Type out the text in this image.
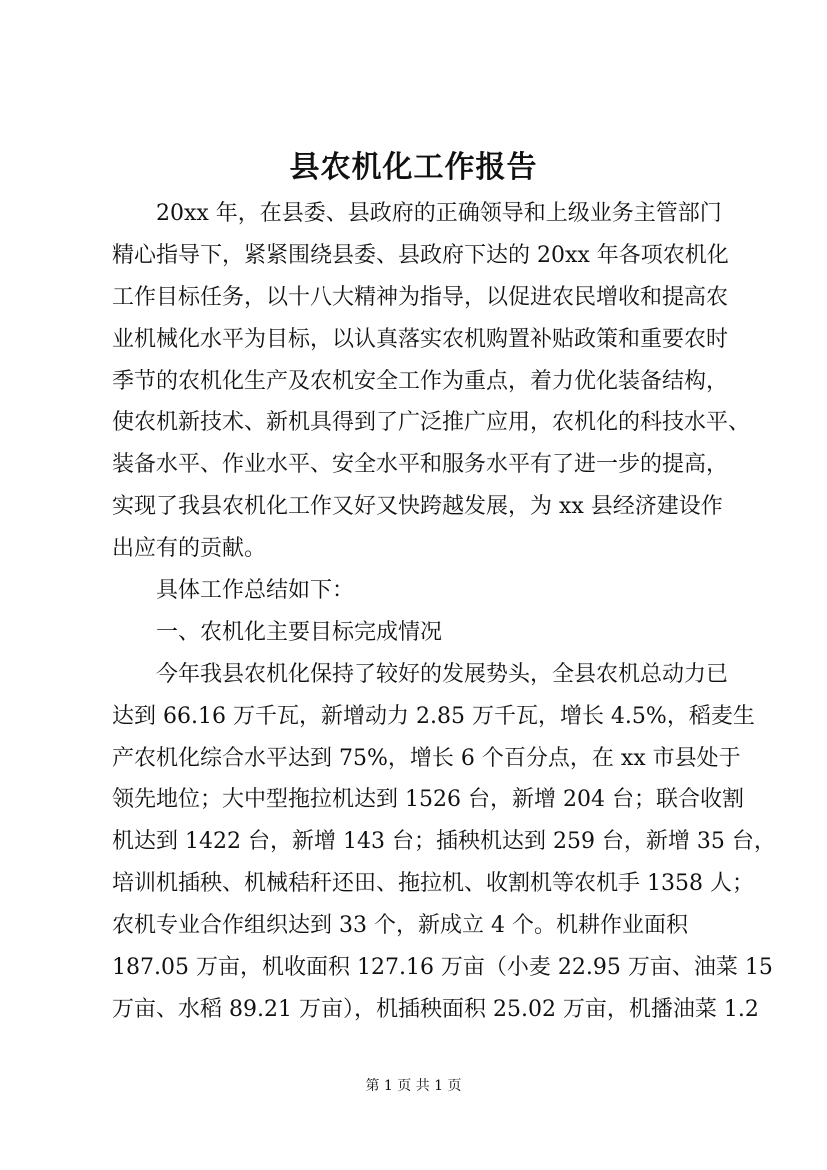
县农机化工作报告

20xx 年，在县委、县政府的正确领导和上级业务主管部门

精心指导下，紧紧围绕县委、县政府下达的 20xx 年各项农机化

工作目标任务，以十八大精神为指导，以促进农民增收和提高农

业机械化水平为目标，以认真落实农机购置补贴政策和重要农时

季节的农机化生产及农机安全工作为重点，着力优化装备结构，

使农机新技术、新机具得到了广泛推广应用，农机化的科技水平、

装备水平、作业水平、安全水平和服务水平有了进一步的提高，

实现了我县农机化工作又好又快跨越发展，为 xx 县经济建设作

出应有的贡献。

具体工作总结如下：

一、农机化主要目标完成情况

今年我县农机化保持了较好的发展势头，全县农机总动力已

达到 66.16 万千瓦，新增动力 2.85 万千瓦，增长 4.5%，稻麦生

产农机化综合水平达到 75%，增长 6 个百分点，在 xx 市县处于

领先地位；大中型拖拉机达到 1526 台，新增 204 台；联合收割

机达到 1422 台，新增 143 台；插秧机达到 259 台，新增 35 台，

培训机插秧、机械秸秆还田、拖拉机、收割机等农机手 1358 人；

农机专业合作组织达到 33 个，新成立 4 个。机耕作业面积

187.05 万亩，机收面积 127.16 万亩（小麦 22.95 万亩、油菜 15

万亩、水稻 89.21 万亩），机插秧面积 25.02 万亩，机播油菜 1.2

第 1 页 共 1 页
